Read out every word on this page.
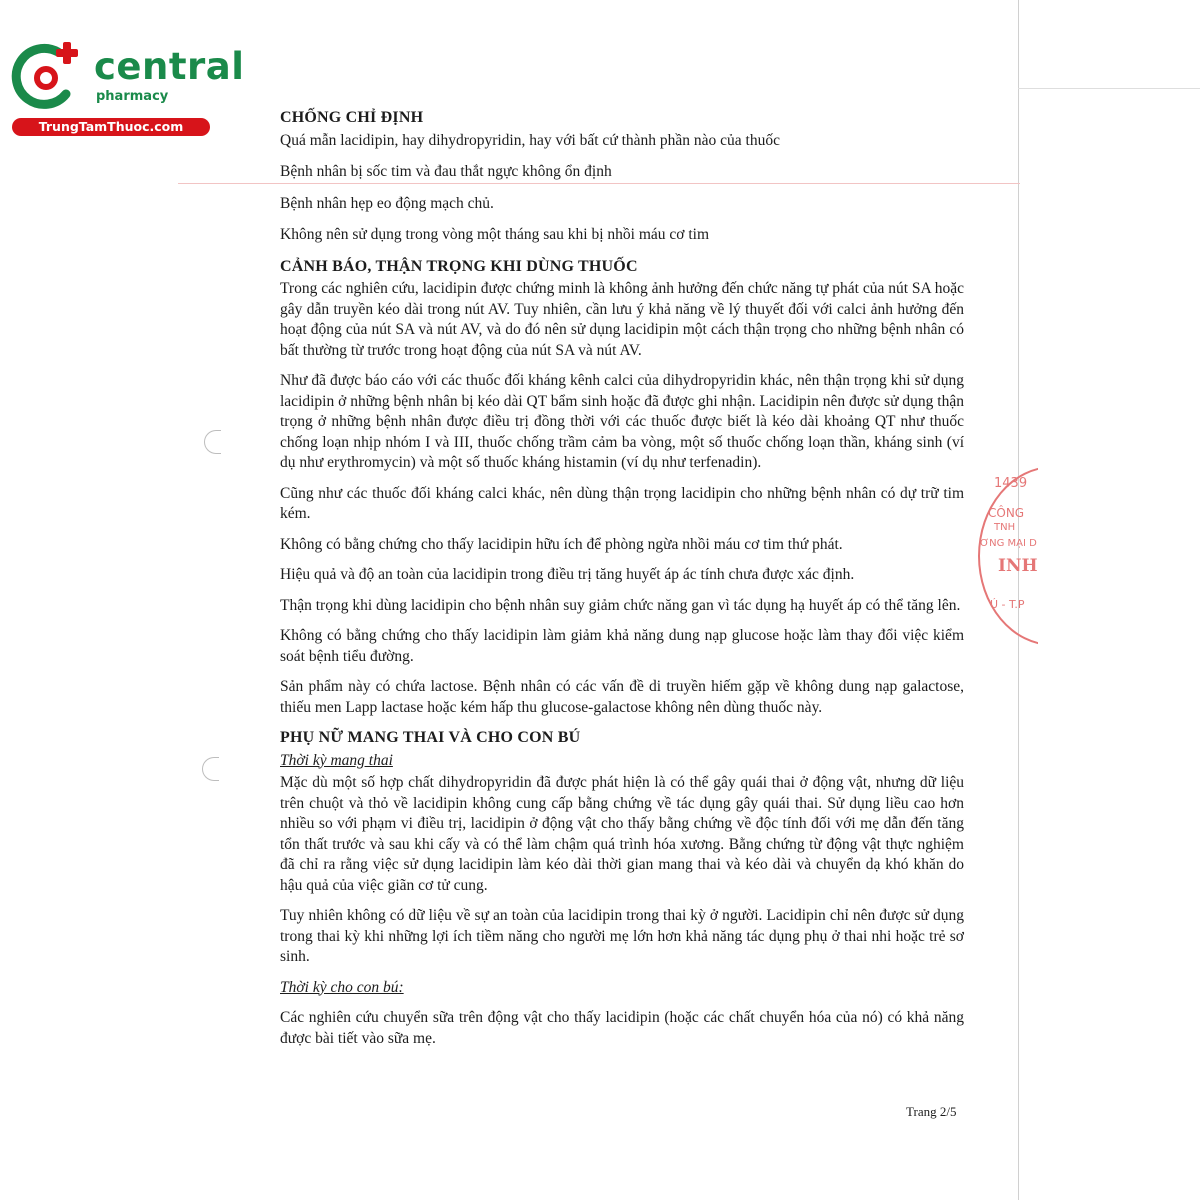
central
pharmacy
TrungTamThuoc.com
CHỐNG CHỈ ĐỊNH

Quá mẫn lacidipin, hay dihydropyridin, hay với bất cứ thành phần nào của thuốc

Bệnh nhân bị sốc tim và đau thắt ngực không ổn định

Bệnh nhân hẹp eo động mạch chủ.

Không nên sử dụng trong vòng một tháng sau khi bị nhồi máu cơ tim

CẢNH BÁO, THẬN TRỌNG KHI DÙNG THUỐC

Trong các nghiên cứu, lacidipin được chứng minh là không ảnh hưởng đến chức năng tự phát của nút SA hoặc gây dẫn truyền kéo dài trong nút AV. Tuy nhiên, cần lưu ý khả năng về lý thuyết đối với calci ảnh hưởng đến hoạt động của nút SA và nút AV, và do đó nên sử dụng lacidipin một cách thận trọng cho những bệnh nhân có bất thường từ trước trong hoạt động của nút SA và nút AV.

Như đã được báo cáo với các thuốc đối kháng kênh calci của dihydropyridin khác, nên thận trọng khi sử dụng lacidipin ở những bệnh nhân bị kéo dài QT bẩm sinh hoặc đã được ghi nhận. Lacidipin nên được sử dụng thận trọng ở những bệnh nhân được điều trị đồng thời với các thuốc được biết là kéo dài khoảng QT như thuốc chống loạn nhịp nhóm I và III, thuốc chống trầm cảm ba vòng, một số thuốc chống loạn thần, kháng sinh (ví dụ như erythromycin) và một số thuốc kháng histamin (ví dụ như terfenadin).

Cũng như các thuốc đối kháng calci khác, nên dùng thận trọng lacidipin cho những bệnh nhân có dự trữ tim kém.

Không có bằng chứng cho thấy lacidipin hữu ích để phòng ngừa nhồi máu cơ tim thứ phát.

Hiệu quả và độ an toàn của lacidipin trong điều trị tăng huyết áp ác tính chưa được xác định.

Thận trọng khi dùng lacidipin cho bệnh nhân suy giảm chức năng gan vì tác dụng hạ huyết áp có thể tăng lên.

Không có bằng chứng cho thấy lacidipin làm giảm khả năng dung nạp glucose hoặc làm thay đổi việc kiểm soát bệnh tiểu đường.

Sản phẩm này có chứa lactose. Bệnh nhân có các vấn đề di truyền hiếm gặp về không dung nạp galactose, thiếu men Lapp lactase hoặc kém hấp thu glucose-galactose không nên dùng thuốc này.

PHỤ NỮ MANG THAI VÀ CHO CON BÚ
Thời kỳ mang thai

Mặc dù một số hợp chất dihydropyridin đã được phát hiện là có thể gây quái thai ở động vật, nhưng dữ liệu trên chuột và thỏ về lacidipin không cung cấp bằng chứng về tác dụng gây quái thai. Sử dụng liều cao hơn nhiều so với phạm vi điều trị, lacidipin ở động vật cho thấy bằng chứng về độc tính đối với mẹ dẫn đến tăng tổn thất trước và sau khi cấy và có thể làm chậm quá trình hóa xương. Bằng chứng từ động vật thực nghiệm đã chỉ ra rằng việc sử dụng lacidipin làm kéo dài thời gian mang thai và kéo dài và chuyển dạ khó khăn do hậu quả của việc giãn cơ tử cung.

Tuy nhiên không có dữ liệu về sự an toàn của lacidipin trong thai kỳ ở người. Lacidipin chỉ nên được sử dụng trong thai kỳ khi những lợi ích tiềm năng cho người mẹ lớn hơn khả năng tác dụng phụ ở thai nhi hoặc trẻ sơ sinh.

Thời kỳ cho con bú:

Các nghiên cứu chuyển sữa trên động vật cho thấy lacidipin (hoặc các chất chuyển hóa của nó) có khả năng được bài tiết vào sữa mẹ.

Trang 2/5
1439
CÔNG
TNH
ƠNG MẠI D
INH
Ú - T.P
